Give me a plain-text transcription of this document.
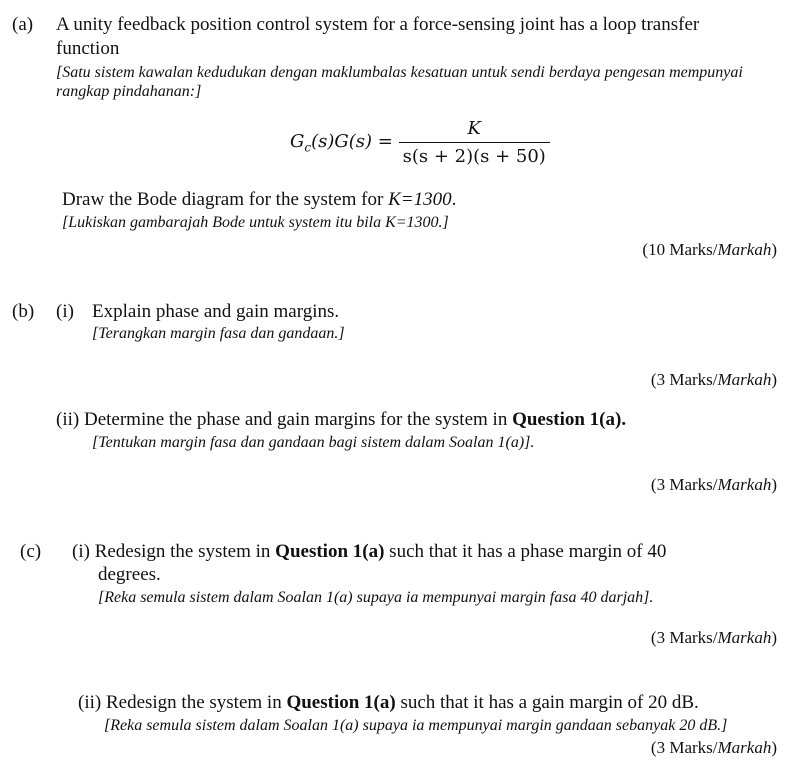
(a) A unity feedback position control system for a force-sensing joint has a loop transfer
function
[Satu sistem kawalan kedudukan dengan maklumbalas kesatuan untuk sendi berdaya pengesan mempunyai
rangkap pindahanan:]
$G_c(s)G(s) = \frac{K}{s(s + 2)(s + 50)}$
Draw the Bode diagram for the system for K=1300.
[Lukiskan gambarajah Bode untuk system itu bila K=1300.]
(10 Marks/Markah)
(b) (i) Explain phase and gain margins.
[Terangkan margin fasa dan gandaan.]
(3 Marks/Markah)
(ii) Determine the phase and gain margins for the system in Question 1(a).
[Tentukan margin fasa dan gandaan bagi sistem dalam Soalan 1(a)].
(3 Marks/Markah)
(c) (i) Redesign the system in Question 1(a) such that it has a phase margin of 40
degrees.
[Reka semula sistem dalam Soalan 1(a) supaya ia mempunyai margin fasa 40 darjah].
(3 Marks/Markah)
(ii) Redesign the system in Question 1(a) such that it has a gain margin of 20 dB.
[Reka semula sistem dalam Soalan 1(a) supaya ia mempunyai margin gandaan sebanyak 20 dB.]
(3 Marks/Markah)
